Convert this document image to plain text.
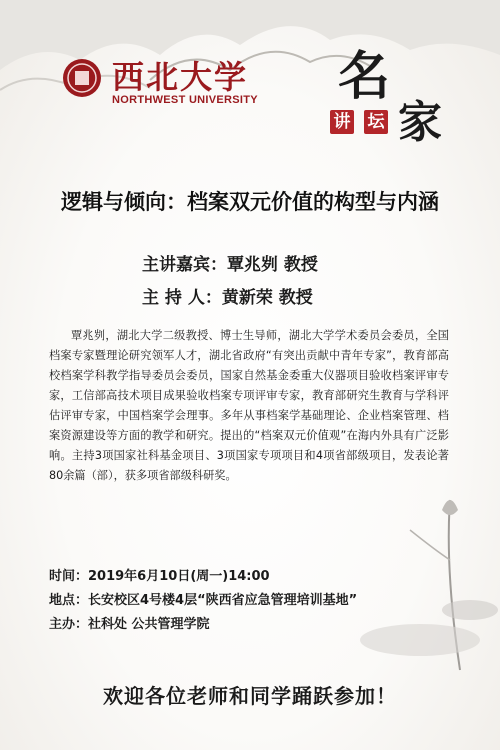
西北大学
NORTHWEST UNIVERSITY 名
家
讲 坛
逻辑与倾向：档案双元价值的构型与内涵
主讲嘉宾：覃兆刿 教授
主 持 人：黄新荣 教授
覃兆刿，湖北大学二级教授、博士生导师，湖北大学学术委员会委员，全国档案专家暨理论研究领军人才，湖北省政府“有突出贡献中青年专家”，教育部高校档案学科教学指导委员会委员，国家自然基金委重大仪器项目验收档案评审专家，工信部高技术项目成果验收档案专项评审专家，教育部研究生教育与学科评估评审专家，中国档案学会理事。多年从事档案学基础理论、企业档案管理、档案资源建设等方面的教学和研究。提出的“档案双元价值观”在海内外具有广泛影响。主持3项国家社科基金项目、3项国家专项项目和4项省部级项目，发表论著80余篇（部），获多项省部级科研奖。
时间：2019年6月10日(周一)14:00
地点：长安校区4号楼4层“陕西省应急管理培训基地”
主办：社科处 公共管理学院
欢迎各位老师和同学踊跃参加！
